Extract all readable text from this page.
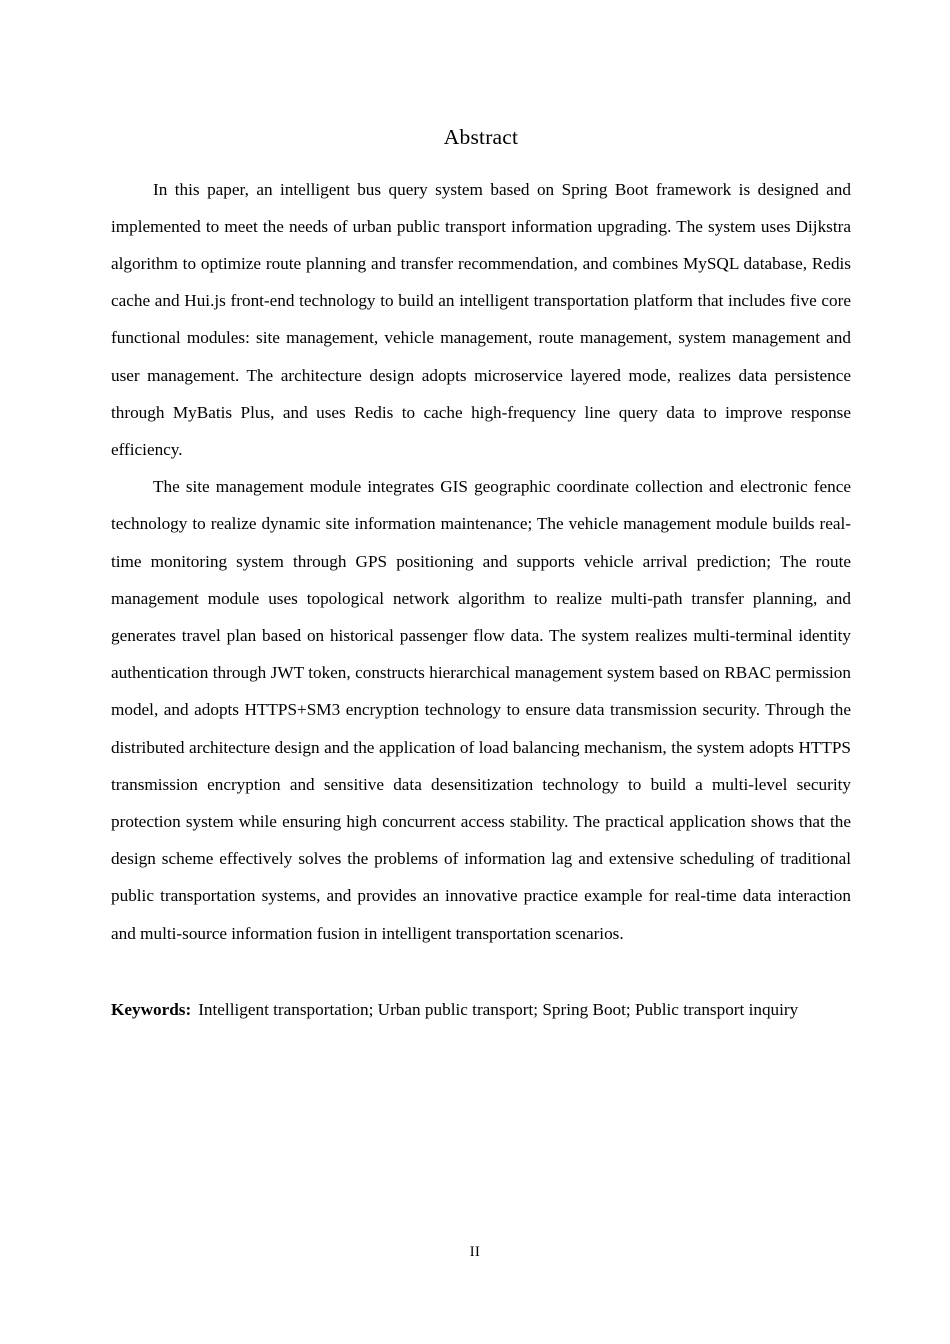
Abstract

In this paper, an intelligent bus query system based on Spring Boot framework is designed and implemented to meet the needs of urban public transport information upgrading. The system uses Dijkstra algorithm to optimize route planning and transfer recommendation, and combines MySQL database, Redis cache and Hui.js front-end technology to build an intelligent transportation platform that includes five core functional modules: site management, vehicle management, route management, system management and user management. The architecture design adopts microservice layered mode, realizes data persistence through MyBatis Plus, and uses Redis to cache high-frequency line query data to improve response efficiency.

The site management module integrates GIS geographic coordinate collection and electronic fence technology to realize dynamic site information maintenance; The vehicle management module builds real-time monitoring system through GPS positioning and supports vehicle arrival prediction; The route management module uses topological network algorithm to realize multi-path transfer planning, and generates travel plan based on historical passenger flow data. The system realizes multi-terminal identity authentication through JWT token, constructs hierarchical management system based on RBAC permission model, and adopts HTTPS+SM3 encryption technology to ensure data transmission security. Through the distributed architecture design and the application of load balancing mechanism, the system adopts HTTPS transmission encryption and sensitive data desensitization technology to build a multi-level security protection system while ensuring high concurrent access stability. The practical application shows that the design scheme effectively solves the problems of information lag and extensive scheduling of traditional public transportation systems, and provides an innovative practice example for real-time data interaction and multi-source information fusion in intelligent transportation scenarios.

Keywords: Intelligent transportation; Urban public transport; Spring Boot; Public transport inquiry
II
